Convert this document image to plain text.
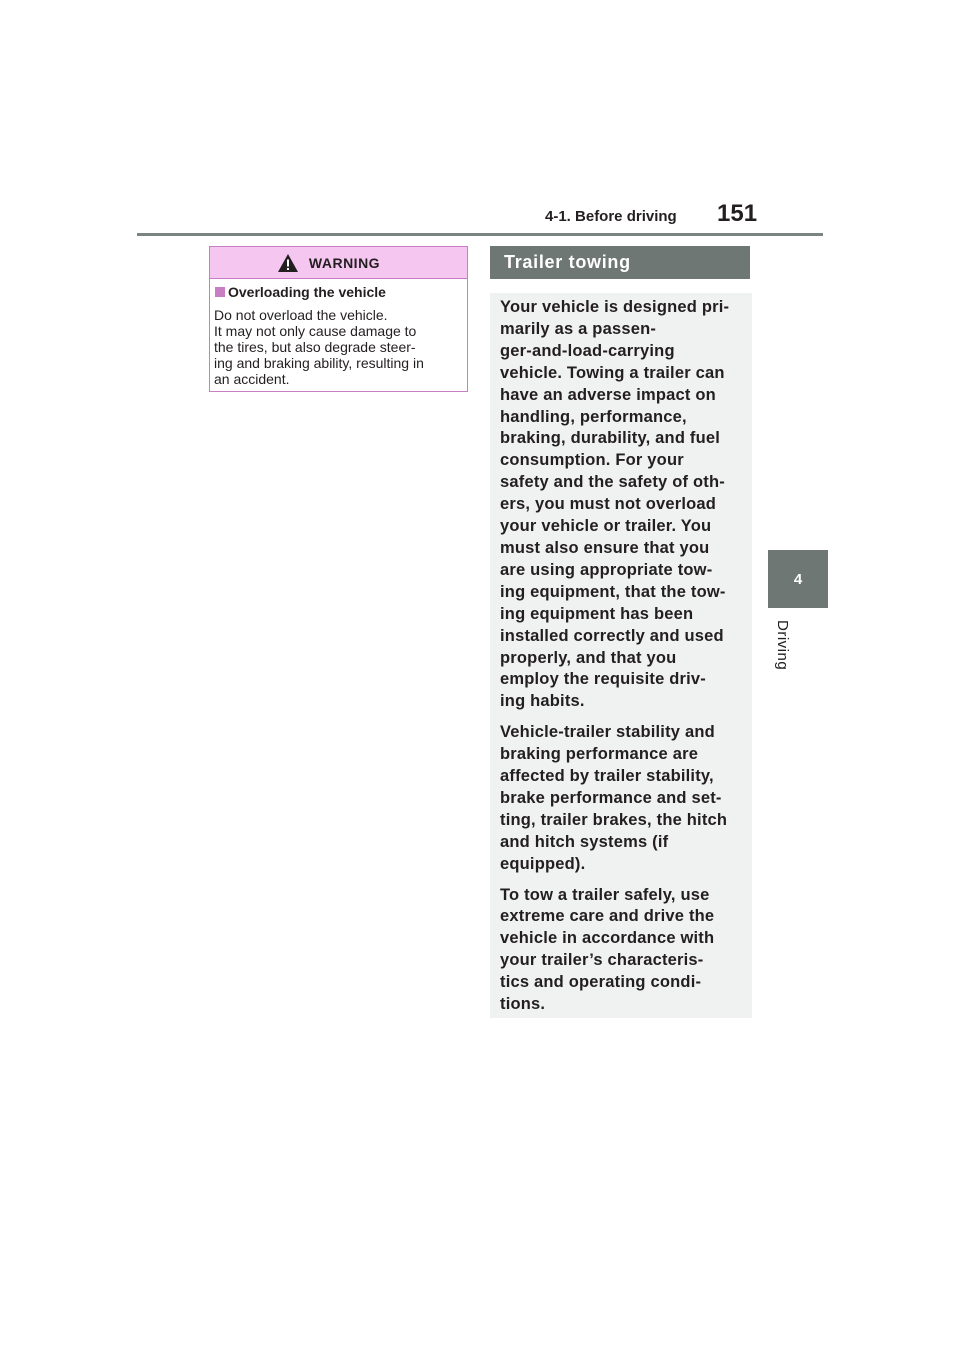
4-1. Before driving 151
4
Driving
WARNING
Overloading the vehicle

Do not overload the vehicle.

It may not only cause damage to

the tires, but also degrade steer-

ing and braking ability, resulting in

an accident.

Trailer towing

Your vehicle is designed pri-
marily as a passen-
ger-and-load-carrying
vehicle. Towing a trailer can
have an adverse impact on
handling, performance,
braking, durability, and fuel
consumption. For your
safety and the safety of oth-
ers, you must not overload
your vehicle or trailer. You
must also ensure that you
are using appropriate tow-
ing equipment, that the tow-
ing equipment has been
installed correctly and used
properly, and that you
employ the requisite driv-
ing habits.

Vehicle-trailer stability and
braking performance are
affected by trailer stability,
brake performance and set-
ting, trailer brakes, the hitch
and hitch systems (if
equipped).

To tow a trailer safely, use
extreme care and drive the
vehicle in accordance with
your trailer’s characteris-
tics and operating condi-
tions.
